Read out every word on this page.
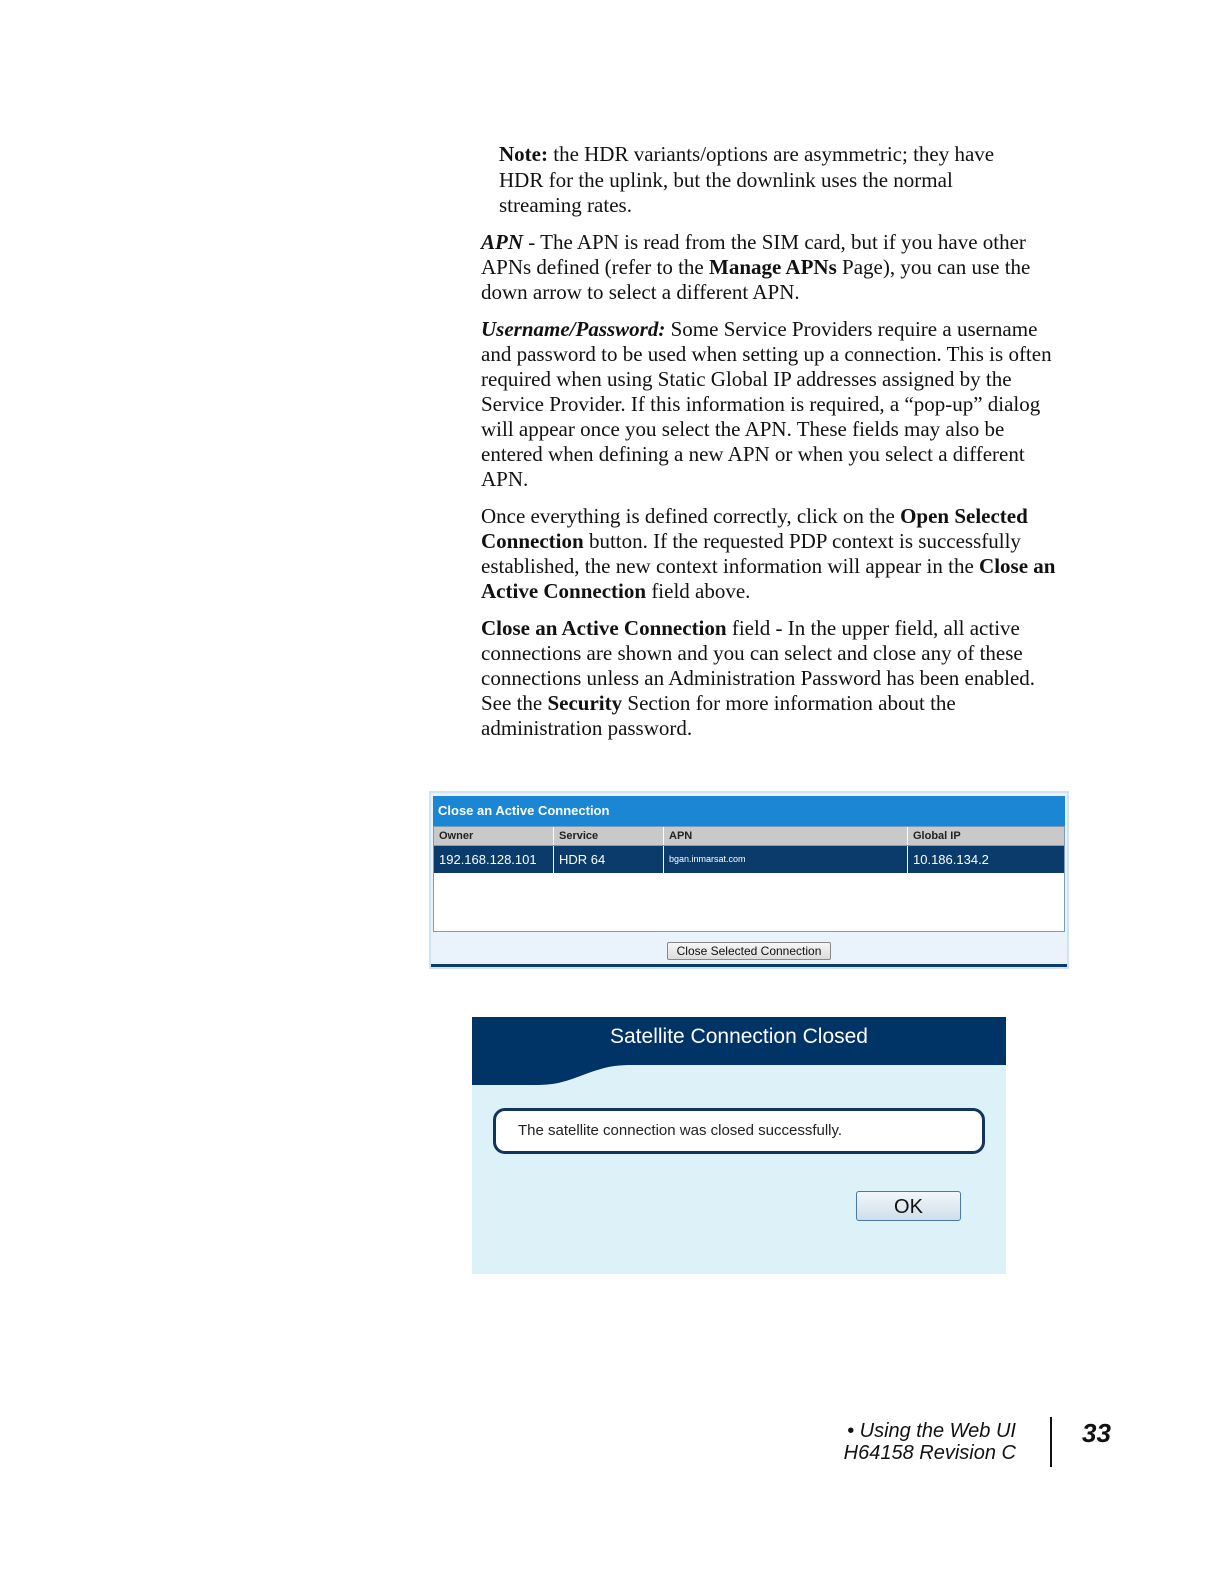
Note: the HDR variants/options are asymmetric; they have HDR for the uplink, but the downlink uses the normal streaming rates.

APN - The APN is read from the SIM card, but if you have other APNs defined (refer to the Manage APNs Page), you can use the down arrow to select a different APN.

Username/Password: Some Service Providers require a username and password to be used when setting up a connection. This is often required when using Static Global IP addresses assigned by the Service Provider. If this information is required, a “pop-up” dialog will appear once you select the APN. These fields may also be entered when defining a new APN or when you select a different APN.

Once everything is defined correctly, click on the Open Selected Connection button. If the requested PDP context is successfully established, the new context information will appear in the Close an Active Connection field above.

Close an Active Connection field - In the upper field, all active connections are shown and you can select and close any of these connections unless an Administration Password has been enabled. See the Security Section for more information about the administration password.

Close an Active Connection
Owner	Service	APN	Global IP
192.168.128.101	HDR 64	bgan.inmarsat.com	10.186.134.2
Close Selected Connection
Satellite Connection Closed
The satellite connection was closed successfully.
OK
• Using the Web UI
H64158 Revision C
33
